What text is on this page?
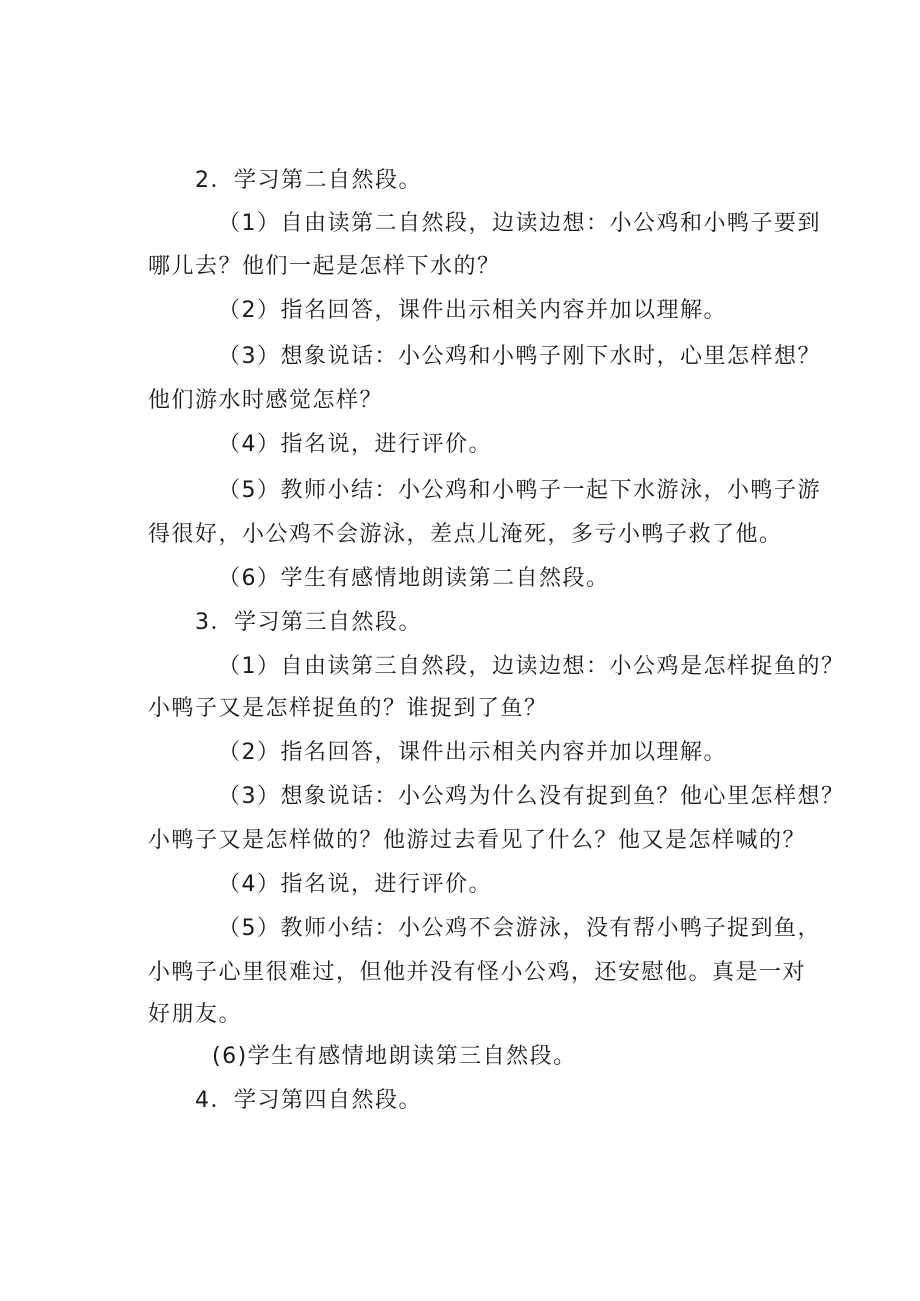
2．学习第二自然段。
（1）自由读第二自然段，边读边想：小公鸡和小鸭子要到
哪儿去？他们一起是怎样下水的？
（2）指名回答，课件出示相关内容并加以理解。
（3）想象说话：小公鸡和小鸭子刚下水时，心里怎样想？
他们游水时感觉怎样？
（4）指名说，进行评价。
（5）教师小结：小公鸡和小鸭子一起下水游泳，小鸭子游
得很好，小公鸡不会游泳，差点儿淹死，多亏小鸭子救了他。
（6）学生有感情地朗读第二自然段。
3．学习第三自然段。
（1）自由读第三自然段，边读边想：小公鸡是怎样捉鱼的？
小鸭子又是怎样捉鱼的？谁捉到了鱼？
（2）指名回答，课件出示相关内容并加以理解。
（3）想象说话：小公鸡为什么没有捉到鱼？他心里怎样想？
小鸭子又是怎样做的？他游过去看见了什么？他又是怎样喊的？
（4）指名说，进行评价。
（5）教师小结：小公鸡不会游泳，没有帮小鸭子捉到鱼，
小鸭子心里很难过，但他并没有怪小公鸡，还安慰他。真是一对
好朋友。
(6)学生有感情地朗读第三自然段。
4．学习第四自然段。
